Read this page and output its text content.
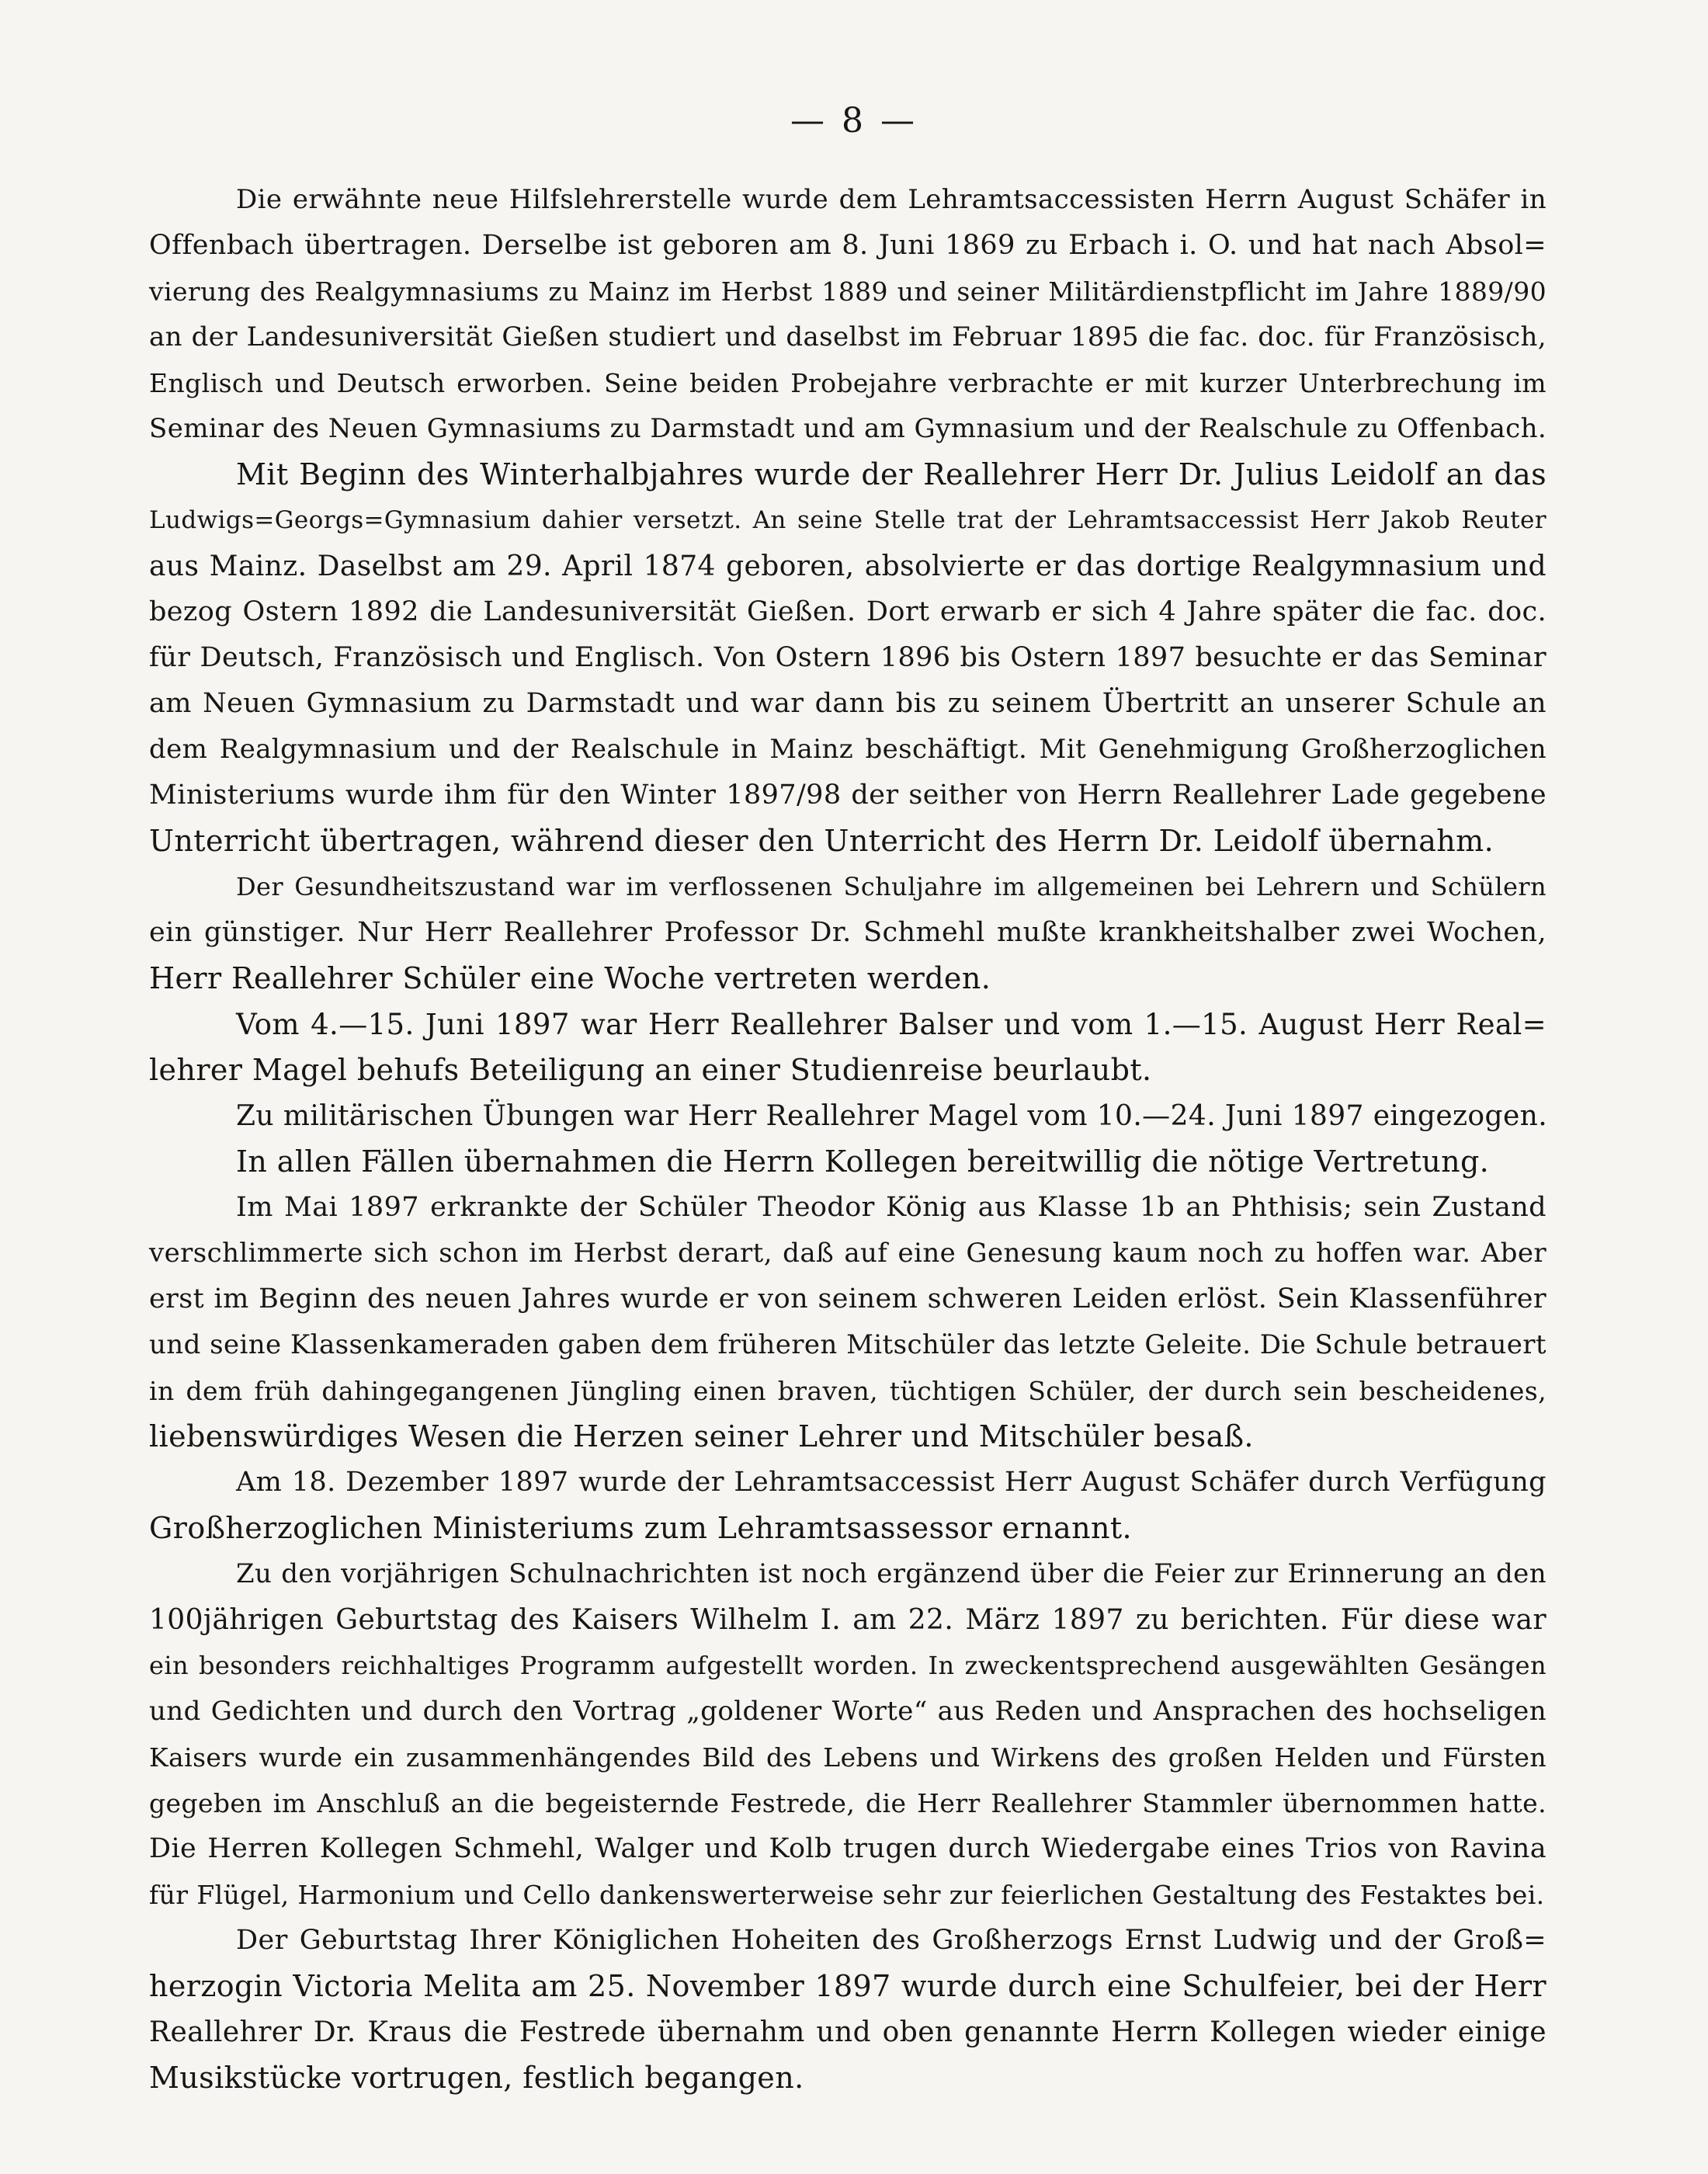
— 8 —
Die erwähnte neue Hilfslehrerstelle wurde dem Lehramtsaccessisten Herrn August Schäfer in
Offenbach übertragen. Derselbe ist geboren am 8. Juni 1869 zu Erbach i. O. und hat nach Absol=
vierung des Realgymnasiums zu Mainz im Herbst 1889 und seiner Militärdienstpflicht im Jahre 1889/90
an der Landesuniversität Gießen studiert und daselbst im Februar 1895 die fac. doc. für Französisch,
Englisch und Deutsch erworben. Seine beiden Probejahre verbrachte er mit kurzer Unterbrechung im
Seminar des Neuen Gymnasiums zu Darmstadt und am Gymnasium und der Realschule zu Offenbach.
Mit Beginn des Winterhalbjahres wurde der Reallehrer Herr Dr. Julius Leidolf an das
Ludwigs=Georgs=Gymnasium dahier versetzt. An seine Stelle trat der Lehramtsaccessist Herr Jakob Reuter
aus Mainz. Daselbst am 29. April 1874 geboren, absolvierte er das dortige Realgymnasium und
bezog Ostern 1892 die Landesuniversität Gießen. Dort erwarb er sich 4 Jahre später die fac. doc.
für Deutsch, Französisch und Englisch. Von Ostern 1896 bis Ostern 1897 besuchte er das Seminar
am Neuen Gymnasium zu Darmstadt und war dann bis zu seinem Übertritt an unserer Schule an
dem Realgymnasium und der Realschule in Mainz beschäftigt. Mit Genehmigung Großherzoglichen
Ministeriums wurde ihm für den Winter 1897/98 der seither von Herrn Reallehrer Lade gegebene
Unterricht übertragen, während dieser den Unterricht des Herrn Dr. Leidolf übernahm.
Der Gesundheitszustand war im verflossenen Schuljahre im allgemeinen bei Lehrern und Schülern
ein günstiger. Nur Herr Reallehrer Professor Dr. Schmehl mußte krankheitshalber zwei Wochen,
Herr Reallehrer Schüler eine Woche vertreten werden.
Vom 4.—15. Juni 1897 war Herr Reallehrer Balser und vom 1.—15. August Herr Real=
lehrer Magel behufs Beteiligung an einer Studienreise beurlaubt.
Zu militärischen Übungen war Herr Reallehrer Magel vom 10.—24. Juni 1897 eingezogen.
In allen Fällen übernahmen die Herrn Kollegen bereitwillig die nötige Vertretung.
Im Mai 1897 erkrankte der Schüler Theodor König aus Klasse 1b an Phthisis; sein Zustand
verschlimmerte sich schon im Herbst derart, daß auf eine Genesung kaum noch zu hoffen war. Aber
erst im Beginn des neuen Jahres wurde er von seinem schweren Leiden erlöst. Sein Klassenführer
und seine Klassenkameraden gaben dem früheren Mitschüler das letzte Geleite. Die Schule betrauert
in dem früh dahingegangenen Jüngling einen braven, tüchtigen Schüler, der durch sein bescheidenes,
liebenswürdiges Wesen die Herzen seiner Lehrer und Mitschüler besaß.
Am 18. Dezember 1897 wurde der Lehramtsaccessist Herr August Schäfer durch Verfügung
Großherzoglichen Ministeriums zum Lehramtsassessor ernannt.
Zu den vorjährigen Schulnachrichten ist noch ergänzend über die Feier zur Erinnerung an den
100jährigen Geburtstag des Kaisers Wilhelm I. am 22. März 1897 zu berichten. Für diese war
ein besonders reichhaltiges Programm aufgestellt worden. In zweckentsprechend ausgewählten Gesängen
und Gedichten und durch den Vortrag „goldener Worte“ aus Reden und Ansprachen des hochseligen
Kaisers wurde ein zusammenhängendes Bild des Lebens und Wirkens des großen Helden und Fürsten
gegeben im Anschluß an die begeisternde Festrede, die Herr Reallehrer Stammler übernommen hatte.
Die Herren Kollegen Schmehl, Walger und Kolb trugen durch Wiedergabe eines Trios von Ravina
für Flügel, Harmonium und Cello dankenswerterweise sehr zur feierlichen Gestaltung des Festaktes bei.
Der Geburtstag Ihrer Königlichen Hoheiten des Großherzogs Ernst Ludwig und der Groß=
herzogin Victoria Melita am 25. November 1897 wurde durch eine Schulfeier, bei der Herr
Reallehrer Dr. Kraus die Festrede übernahm und oben genannte Herrn Kollegen wieder einige
Musikstücke vortrugen, festlich begangen.
